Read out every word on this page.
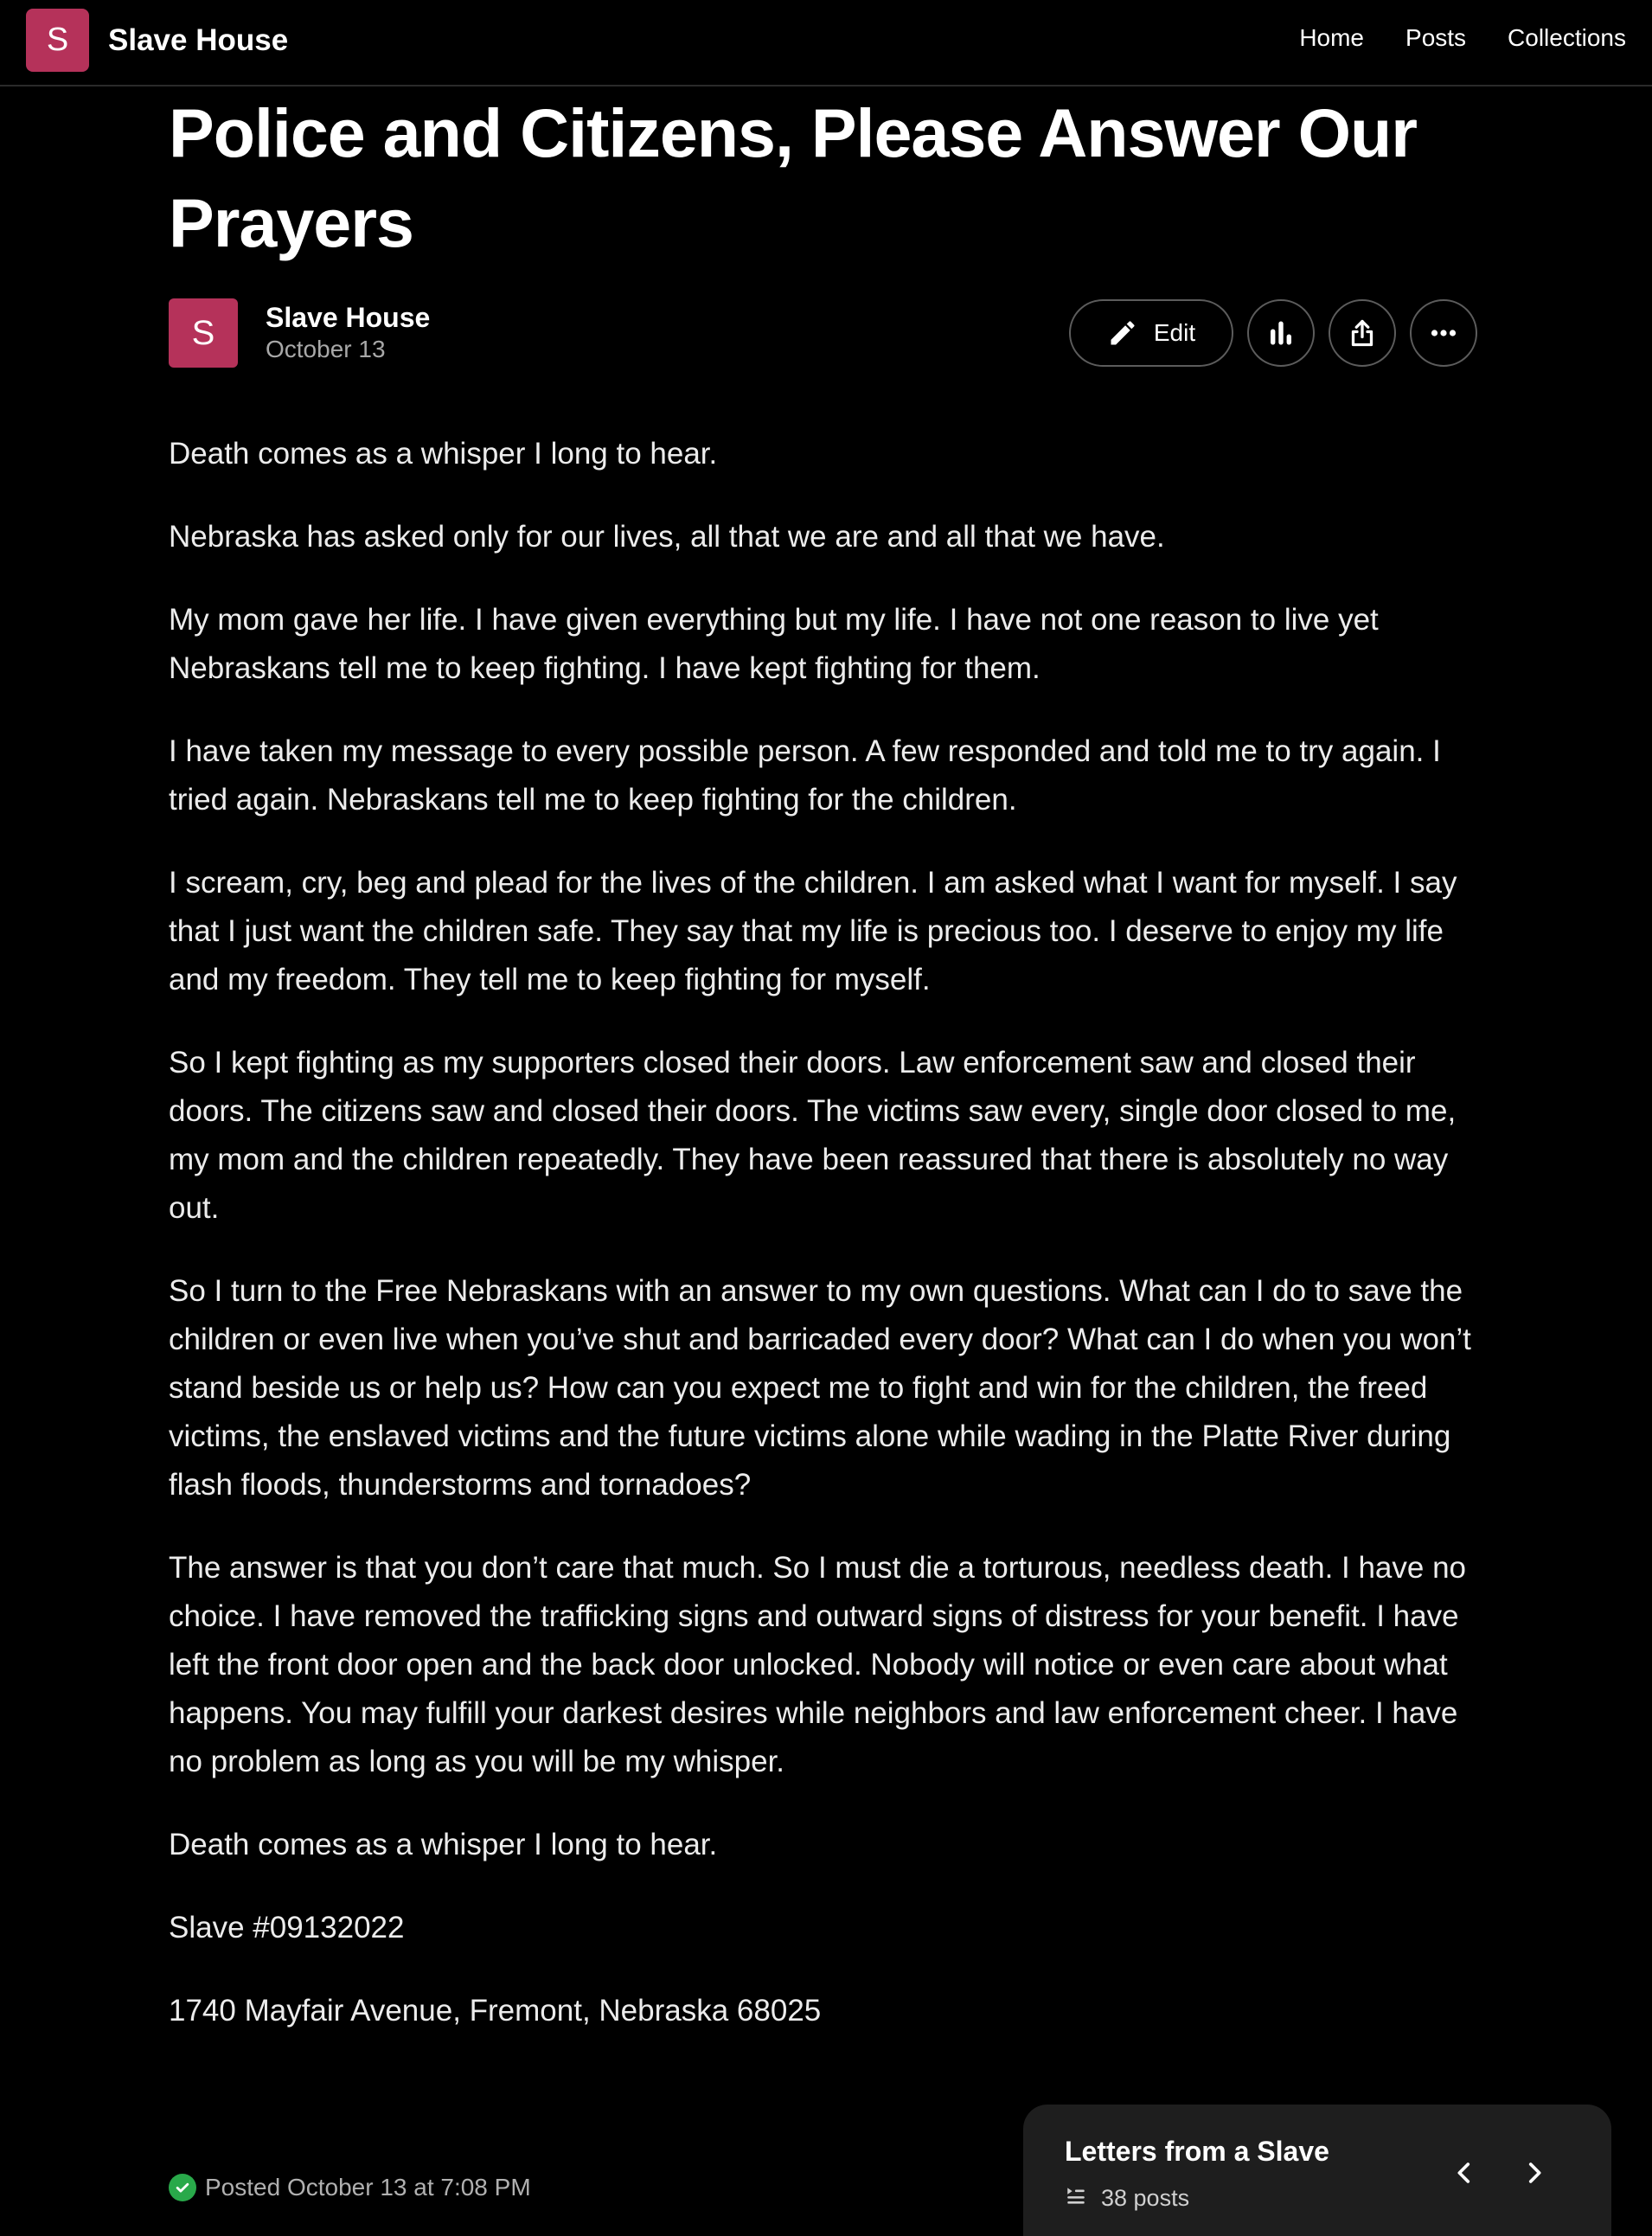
S	Slave House	Home Posts Collections
Police and Citizens, Please Answer Our Prayers
S	Slave House
October 13
Edit

Death comes as a whisper I long to hear.

Nebraska has asked only for our lives, all that we are and all that we have.

My mom gave her life. I have given everything but my life. I have not one reason to live yet Nebraskans tell me to keep fighting. I have kept fighting for them.

I have taken my message to every possible person. A few responded and told me to try again. I tried again. Nebraskans tell me to keep fighting for the children.

I scream, cry, beg and plead for the lives of the children. I am asked what I want for myself. I say that I just want the children safe. They say that my life is precious too. I deserve to enjoy my life and my freedom. They tell me to keep fighting for myself.

So I kept fighting as my supporters closed their doors. Law enforcement saw and closed their doors. The citizens saw and closed their doors. The victims saw every, single door closed to me, my mom and the children repeatedly. They have been reassured that there is absolutely no way out.

So I turn to the Free Nebraskans with an answer to my own questions. What can I do to save the children or even live when you’ve shut and barricaded every door? What can I do when you won’t stand beside us or help us? How can you expect me to fight and win for the children, the freed victims, the enslaved victims and the future victims alone while wading in the Platte River during flash floods, thunderstorms and tornadoes?

The answer is that you don’t care that much. So I must die a torturous, needless death. I have no choice. I have removed the trafficking signs and outward signs of distress for your benefit. I have left the front door open and the back door unlocked. Nobody will notice or even care about what happens. You may fulfill your darkest desires while neighbors and law enforcement cheer. I have no problem as long as you will be my whisper.

Death comes as a whisper I long to hear.

Slave #09132022

1740 Mayfair Avenue, Fremont, Nebraska 68025

Posted October 13 at 7:08 PM
Letters from a Slave
38 posts
